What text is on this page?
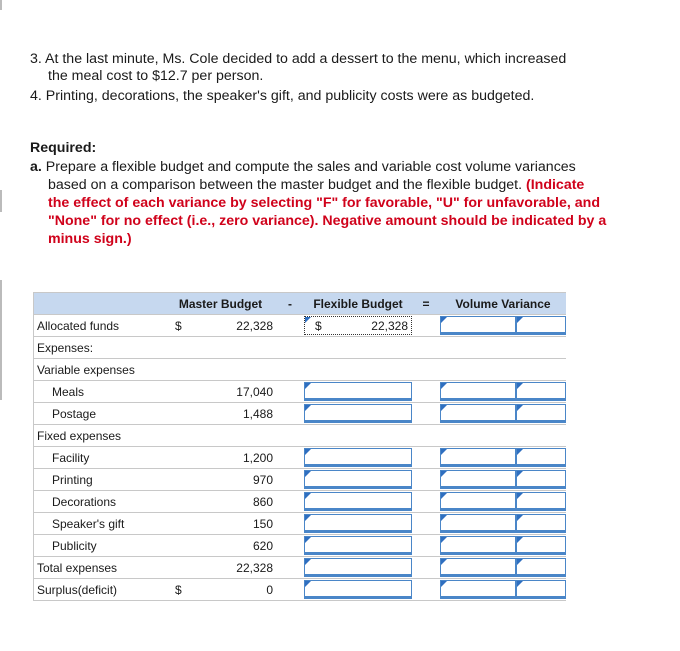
3. At the last minute, Ms. Cole decided to add a dessert to the menu, which increased
the meal cost to $12.7 per person.
4. Printing, decorations, the speaker's gift, and publicity costs were as budgeted.
Required:
a. Prepare a flexible budget and compute the sales and variable cost volume variances
based on a comparison between the master budget and the flexible budget. (Indicate
the effect of each variance by selecting "F" for favorable, "U" for unfavorable, and
"None" for no effect (i.e., zero variance). Negative amount should be indicated by a
minus sign.)
	Master Budget		-	Flexible Budget	=	Volume Variance
Allocated funds	$	22,328		$ 22,328		

Expenses:						
Variable expenses						
Meals		17,040		

Postage		1,488		

Fixed expenses						
Facility		1,200		

Printing		970		

Decorations		860		

Speaker's gift		150		

Publicity		620		

Total expenses		22,328		

Surplus(deficit)	$	0		
